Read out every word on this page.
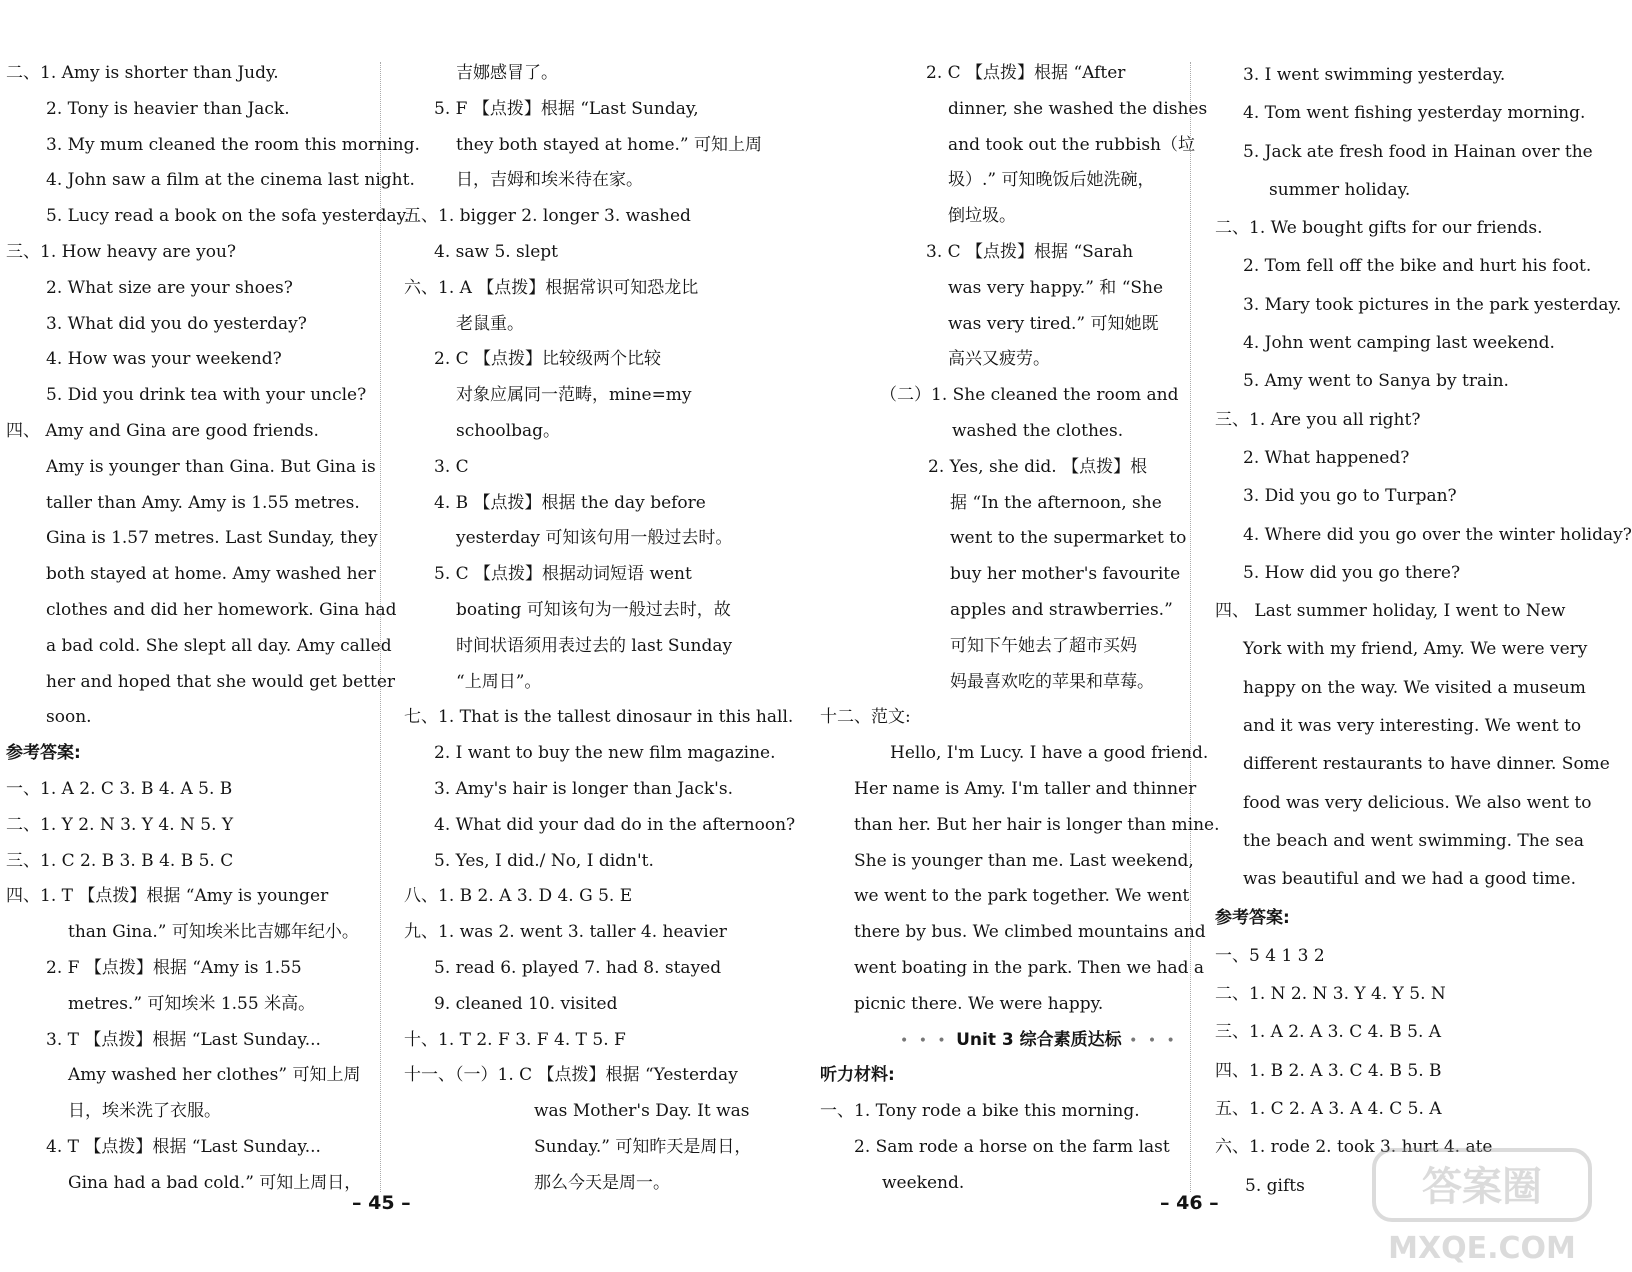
二、1. Amy is shorter than Judy.
2. Tony is heavier than Jack.
3. My mum cleaned the room this morning.
4. John saw a film at the cinema last night.
5. Lucy read a book on the sofa yesterday.
三、1. How heavy are you?
2. What size are your shoes?
3. What did you do yesterday?
4. How was your weekend?
5. Did you drink tea with your uncle?
四、 Amy and Gina are good friends.
Amy is younger than Gina. But Gina is
taller than Amy. Amy is 1.55 metres.
Gina is 1.57 metres. Last Sunday, they
both stayed at home. Amy washed her
clothes and did her homework. Gina had
a bad cold. She slept all day. Amy called
her and hoped that she would get better
soon.
参考答案:
一、1. A 2. C 3. B 4. A 5. B
二、1. Y 2. N 3. Y 4. N 5. Y
三、1. C 2. B 3. B 4. B 5. C
四、1. T 【点拨】根据 “Amy is younger
than Gina.” 可知埃米比吉娜年纪小。
2. F 【点拨】根据 “Amy is 1.55
metres.” 可知埃米 1.55 米高。
3. T 【点拨】根据 “Last Sunday...
Amy washed her clothes” 可知上周
日，埃米洗了衣服。
4. T 【点拨】根据 “Last Sunday...
Gina had a bad cold.” 可知上周日，
吉娜感冒了。
5. F 【点拨】根据 “Last Sunday,
they both stayed at home.” 可知上周
日，吉姆和埃米待在家。
五、1. bigger 2. longer 3. washed
4. saw 5. slept
六、1. A 【点拨】根据常识可知恐龙比
老鼠重。
2. C 【点拨】比较级两个比较
对象应属同一范畴，mine=my
schoolbag。
3. C
4. B 【点拨】根据 the day before
yesterday 可知该句用一般过去时。
5. C 【点拨】根据动词短语 went
boating 可知该句为一般过去时，故
时间状语须用表过去的 last Sunday
“上周日”。
七、1. That is the tallest dinosaur in this hall.
2. I want to buy the new film magazine.
3. Amy's hair is longer than Jack's.
4. What did your dad do in the afternoon?
5. Yes, I did./ No, I didn't.
八、1. B 2. A 3. D 4. G 5. E
九、1. was 2. went 3. taller 4. heavier
5. read 6. played 7. had 8. stayed
9. cleaned 10. visited
十、1. T 2. F 3. F 4. T 5. F
十一、（一）1. C 【点拨】根据 “Yesterday
was Mother's Day. It was
Sunday.” 可知昨天是周日，
那么今天是周一。
2. C 【点拨】根据 “After
dinner, she washed the dishes
and took out the rubbish（垃
圾）.” 可知晚饭后她洗碗，
倒垃圾。
3. C 【点拨】根据 “Sarah
was very happy.” 和 “She
was very tired.” 可知她既
高兴又疲劳。
（二）1. She cleaned the room and
washed the clothes.
2. Yes, she did. 【点拨】根
据 “In the afternoon, she
went to the supermarket to
buy her mother's favourite
apples and strawberries.”
可知下午她去了超市买妈
妈最喜欢吃的苹果和草莓。
十二、范文:
Hello, I'm Lucy. I have a good friend.
Her name is Amy. I'm taller and thinner
than her. But her hair is longer than mine.
She is younger than me. Last weekend,
we went to the park together. We went
there by bus. We climbed mountains and
went boating in the park. Then we had a
picnic there. We were happy.
• • • Unit 3 综合素质达标 • • •
听力材料:
一、1. Tony rode a bike this morning.
2. Sam rode a horse on the farm last
weekend.
3. I went swimming yesterday.
4. Tom went fishing yesterday morning.
5. Jack ate fresh food in Hainan over the
summer holiday.
二、1. We bought gifts for our friends.
2. Tom fell off the bike and hurt his foot.
3. Mary took pictures in the park yesterday.
4. John went camping last weekend.
5. Amy went to Sanya by train.
三、1. Are you all right?
2. What happened?
3. Did you go to Turpan?
4. Where did you go over the winter holiday?
5. How did you go there?
四、 Last summer holiday, I went to New
York with my friend, Amy. We were very
happy on the way. We visited a museum
and it was very interesting. We went to
different restaurants to have dinner. Some
food was very delicious. We also went to
the beach and went swimming. The sea
was beautiful and we had a good time.
参考答案:
一、5 4 1 3 2
二、1. N 2. N 3. Y 4. Y 5. N
三、1. A 2. A 3. C 4. B 5. A
四、1. B 2. A 3. C 4. B 5. B
五、1. C 2. A 3. A 4. C 5. A
六、1. rode 2. took 3. hurt 4. ate
5. gifts
– 45 –	– 46 –	答案圈
MXQE.COM
